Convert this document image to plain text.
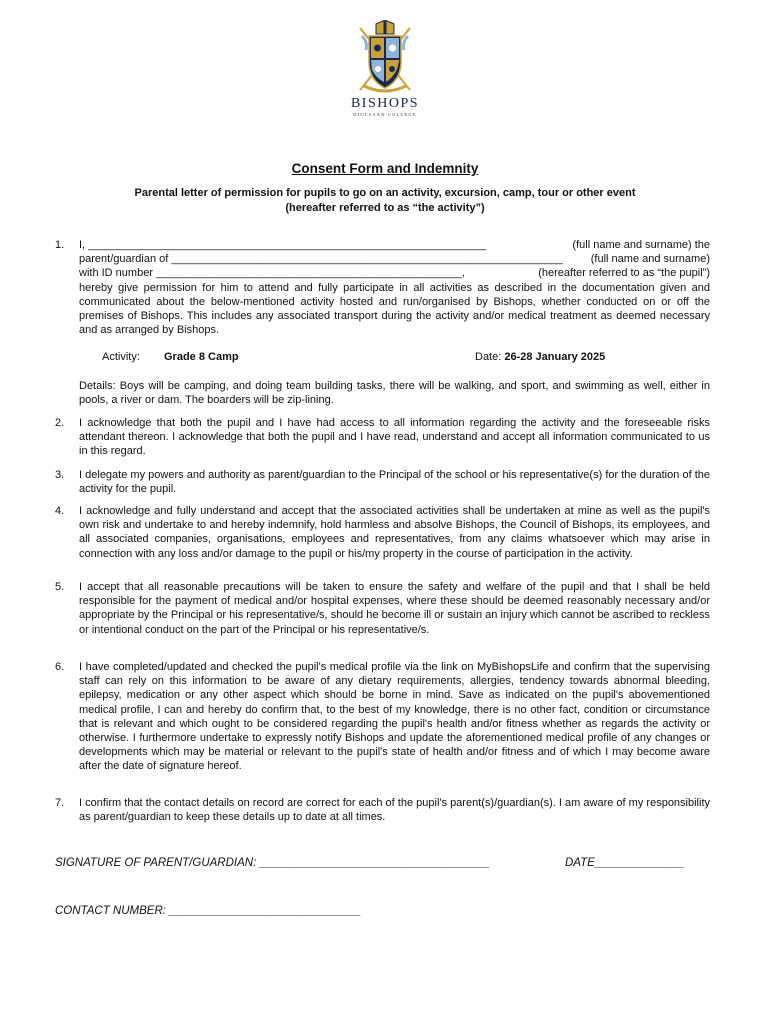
BISHOPS
DIOCESAN COLLEGE
Consent Form and Indemnity
Parental letter of permission for pupils to go on an activity, excursion, camp, tour or other event
(hereafter referred to as “the activity”)
1. I, _________________________________________________________________	(full name and surname) the
parent/guardian of ________________________________________________________________	(full name and surname)
with ID number __________________________________________________,	(hereafter referred to as “the pupil”)
hereby give permission for him to attend and fully participate in all activities as described in the documentation given and communicated about the below-mentioned activity hosted and run/organised by Bishops, whether conducted on or off the premises of Bishops. This includes any associated transport during the activity and/or medical treatment as deemed necessary and as arranged by Bishops.
Activity: Grade 8 Camp	Date: 26-28 January 2025
Details: Boys will be camping, and doing team building tasks, there will be walking, and sport, and swimming as well, either in pools, a river or dam. The boarders will be zip-lining.
2. I acknowledge that both the pupil and I have had access to all information regarding the activity and the foreseeable risks attendant thereon. I acknowledge that both the pupil and I have read, understand and accept all information communicated to us in this regard.
3. I delegate my powers and authority as parent/guardian to the Principal of the school or his representative(s) for the duration of the activity for the pupil.
4. I acknowledge and fully understand and accept that the associated activities shall be undertaken at mine as well as the pupil's own risk and undertake to and hereby indemnify, hold harmless and absolve Bishops, the Council of Bishops, its employees, and all associated companies, organisations, employees and representatives, from any claims whatsoever which may arise in connection with any loss and/or damage to the pupil or his/my property in the course of participation in the activity.
5. I accept that all reasonable precautions will be taken to ensure the safety and welfare of the pupil and that I shall be held responsible for the payment of medical and/or hospital expenses, where these should be deemed reasonably necessary and/or appropriate by the Principal or his representative/s, should he become ill or sustain an injury which cannot be ascribed to reckless or intentional conduct on the part of the Principal or his representative/s.
6. I have completed/updated and checked the pupil's medical profile via the link on MyBishopsLife and confirm that the supervising staff can rely on this information to be aware of any dietary requirements, allergies, tendency towards abnormal bleeding, epilepsy, medication or any other aspect which should be borne in mind. Save as indicated on the pupil's abovementioned medical profile, I can and hereby do confirm that, to the best of my knowledge, there is no other fact, condition or circumstance that is relevant and which ought to be considered regarding the pupil's health and/or fitness whether as regards the activity or otherwise. I furthermore undertake to expressly notify Bishops and update the aforementioned medical profile of any changes or developments which may be material or relevant to the pupil's state of health and/or fitness and of which I may become aware after the date of signature hereof.
7. I confirm that the contact details on record are correct for each of the pupil's parent(s)/guardian(s). I am aware of my responsibility as parent/guardian to keep these details up to date at all times.
SIGNATURE OF PARENT/GUARDIAN: ____________________________________	DATE______________
CONTACT NUMBER: ______________________________
